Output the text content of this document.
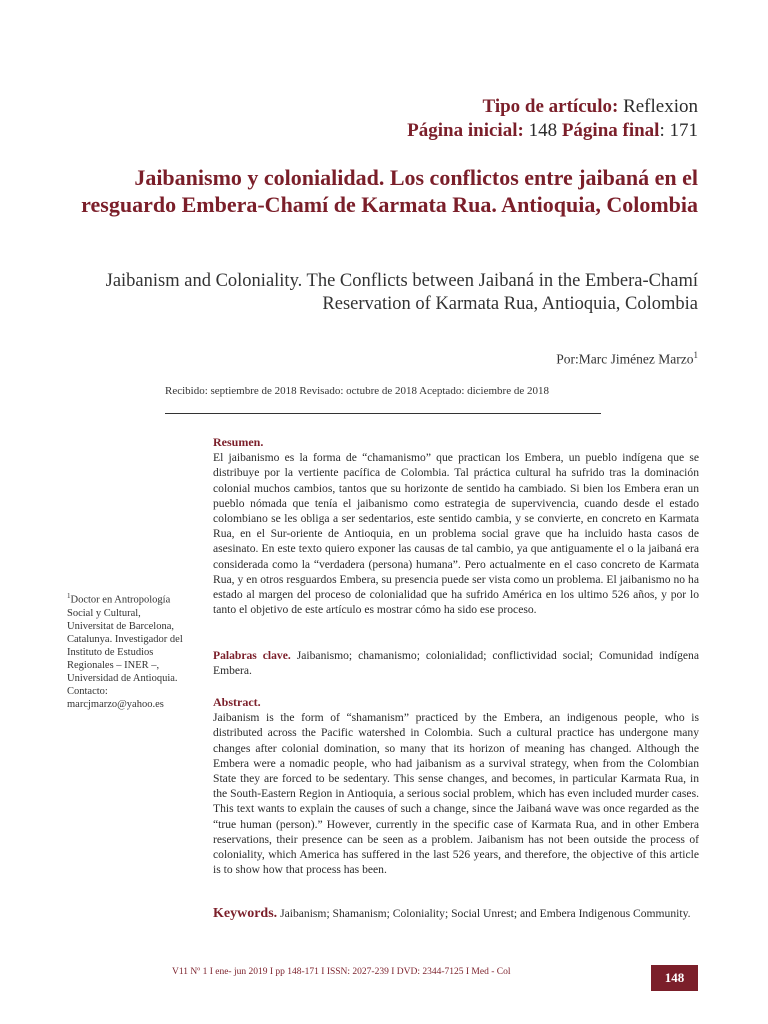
Tipo de artículo: Reflexion
Página inicial: 148 Página final: 171
Jaibanismo y colonialidad. Los conflictos entre jaibaná en el resguardo Embera-Chamí de Karmata Rua. Antioquia, Colombia
Jaibanism and Coloniality. The Conflicts between Jaibaná in the Embera-Chamí Reservation of Karmata Rua, Antioquia, Colombia
Por:Marc Jiménez Marzo$^1$
Recibido: septiembre de 2018 Revisado: octubre de 2018 Aceptado: diciembre de 2018

Resumen.

El jaibanismo es la forma de “chamanismo” que practican los Embera, un pueblo indígena que se distribuye por la vertiente pacífica de Colombia. Tal práctica cultural ha sufrido tras la dominación colonial muchos cambios, tantos que su horizonte de sentido ha cambiado. Si bien los Embera eran un pueblo nómada que tenía el jaibanismo como estrategia de supervivencia, cuando desde el estado colombiano se les obliga a ser sedentarios, este sentido cambia, y se convierte, en concreto en Karmata Rua, en el Sur-oriente de Antioquia, en un problema social grave que ha incluido hasta casos de asesinato. En este texto quiero exponer las causas de tal cambio, ya que antiguamente el o la jaibaná era considerada como la “verdadera (persona) humana”. Pero actualmente en el caso concreto de Karmata Rua, y en otros resguardos Embera, su presencia puede ser vista como un problema. El jaibanismo no ha estado al margen del proceso de colonialidad que ha sufrido América en los ultimo 526 años, y por lo tanto el objetivo de este artículo es mostrar cómo ha sido ese proceso.

Palabras clave. Jaibanismo; chamanismo; colonialidad; conflictividad social; Comunidad indígena Embera.

Abstract.

Jaibanism is the form of “shamanism” practiced by the Embera, an indigenous people, who is distributed across the Pacific watershed in Colombia. Such a cultural practice has undergone many changes after colonial domination, so many that its horizon of meaning has changed. Although the Embera were a nomadic people, who had jaibanism as a survival strategy, when from the Colombian State they are forced to be sedentary. This sense changes, and becomes, in particular Karmata Rua, in the South-Eastern Region in Antioquia, a serious social problem, which has even included murder cases. This text wants to explain the causes of such a change, since the Jaibaná wave was once regarded as the “true human (person).” However, currently in the specific case of Karmata Rua, and in other Embera reservations, their presence can be seen as a problem. Jaibanism has not been outside the process of coloniality, which America has suffered in the last 526 years, and therefore, the objective of this article is to show how that process has been.

Keywords. Jaibanism; Shamanism; Coloniality; Social Unrest; and Embera Indigenous Community.
$^1$Doctor en Antropología Social y Cultural, Universitat de Barcelona, Catalunya. Investigador del Instituto de Estudios Regionales – INER –, Universidad de Antioquia. Contacto: marcjmarzo@yahoo.es
V11 Nº 1 I ene- jun 2019 I pp 148-171 I ISSN: 2027-239 I DVD: 2344-7125 I Med - Col	148
